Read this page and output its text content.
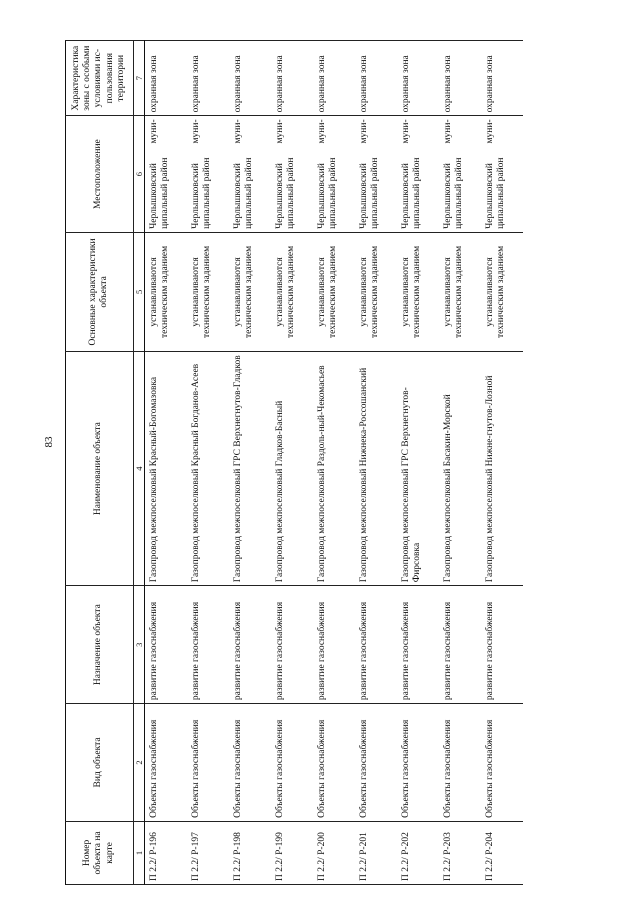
83
Номер объекта на карте	Вид объекта	Назначение объекта	Наименование объекта	Основные характеристики объекта	Местоположение	Характеристика зоны с особыми условиями ис-пользования территории
1	2	3	4	5	6	7
П 2.2/ Р-196	Объекты газоснабжения	развитие газоснабжения	Газопровод межпоселковый Красный-Богомазовка	устанавливаются техническим заданием	Черлышковский муни-ципальный район	охранная зона
П 2.2/ Р-197	Объекты газоснабжения	развитие газоснабжения	Газопровод межпоселковый Красный Богданов-Асеев	устанавливаются техническим заданием	Черлышковский муни-ципальный район	охранная зона
П 2.2/ Р-198	Объекты газоснабжения	развитие газоснабжения	Газопровод межпоселковый ГРС Верхнегнутов-Гладков	устанавливаются техническим заданием	Черлышковский муни-ципальный район	охранная зона
П 2.2/ Р-199	Объекты газоснабжения	развитие газоснабжения	Газопровод межпоселковый Гладков-Басный	устанавливаются техническим заданием	Черлышковский муни-ципальный район	охранная зона
П 2.2/ Р-200	Объекты газоснабжения	развитие газоснабжения	Газопровод межпоселковый Раздоль-ный-Чекомасьев	устанавливаются техническим заданием	Черлышковский муни-ципальный район	охранная зона
П 2.2/ Р-201	Объекты газоснабжения	развитие газоснабжения	Газопровод межпоселковый Нижнека-Россошанский	устанавливаются техническим заданием	Черлышковский муни-ципальный район	охранная зона
П 2.2/ Р-202	Объекты газоснабжения	развитие газоснабжения	Газопровод межпоселковый ГРС Верхнегнутов-Фирсовка	устанавливаются техническим заданием	Черлышковский муни-ципальный район	охранная зона
П 2.2/ Р-203	Объекты газоснабжения	развитие газоснабжения	Газопровод межпоселковый Басакин-Морской	устанавливаются техническим заданием	Черлышковский муни-ципальный район	охранная зона
П 2.2/ Р-204	Объекты газоснабжения	развитие газоснабжения	Газопровод межпоселковый Нижне-гнутов-Лозной	устанавливаются техническим заданием	Черлышковский муни-ципальный район	охранная зона
